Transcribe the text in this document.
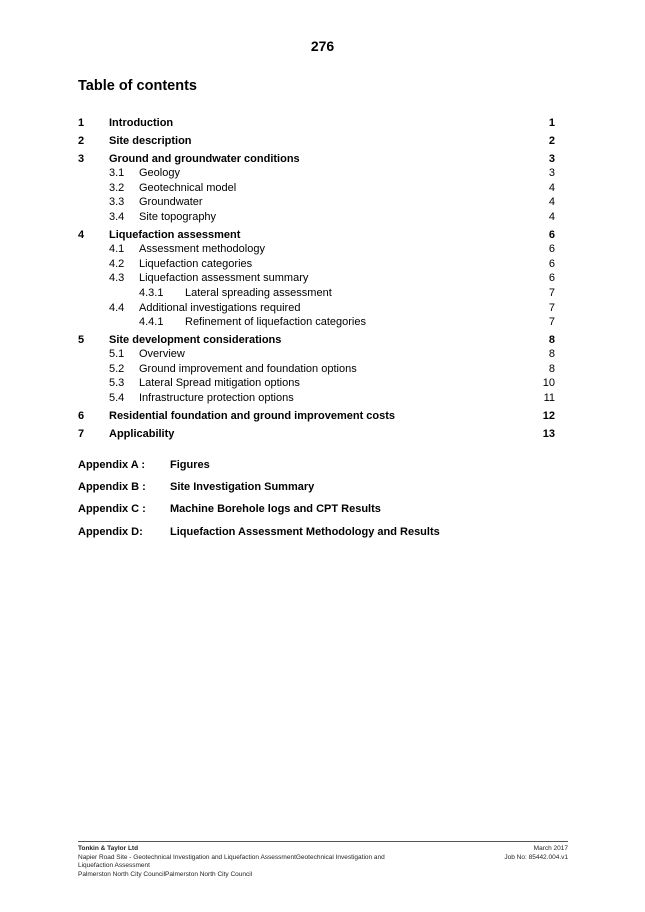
276
Table of contents
1 Introduction	1
2 Site description	2
3 Ground and groundwater conditions	3
3.1 Geology	3
3.2 Geotechnical model	4
3.3 Groundwater	4
3.4 Site topography	4
4 Liquefaction assessment	6
4.1 Assessment methodology	6
4.2 Liquefaction categories	6
4.3 Liquefaction assessment summary	6
4.3.1 Lateral spreading assessment	7
4.4 Additional investigations required	7
4.4.1 Refinement of liquefaction categories	7
5 Site development considerations	8
5.1 Overview	8
5.2 Ground improvement and foundation options	8
5.3 Lateral Spread mitigation options	10
5.4 Infrastructure protection options	11
6 Residential foundation and ground improvement costs	12
7 Applicability	13
Appendix A : Figures
Appendix B : Site Investigation Summary
Appendix C : Machine Borehole logs and CPT Results
Appendix D: Liquefaction Assessment Methodology and Results
Tonkin & Taylor Ltd
Napier Road Site - Geotechnical Investigation and Liquefaction AssessmentGeotechnical Investigation and
Liquefaction Assessment
Palmerston North City CouncilPalmerston North City Council
March 2017
Job No: 85442.004.v1
